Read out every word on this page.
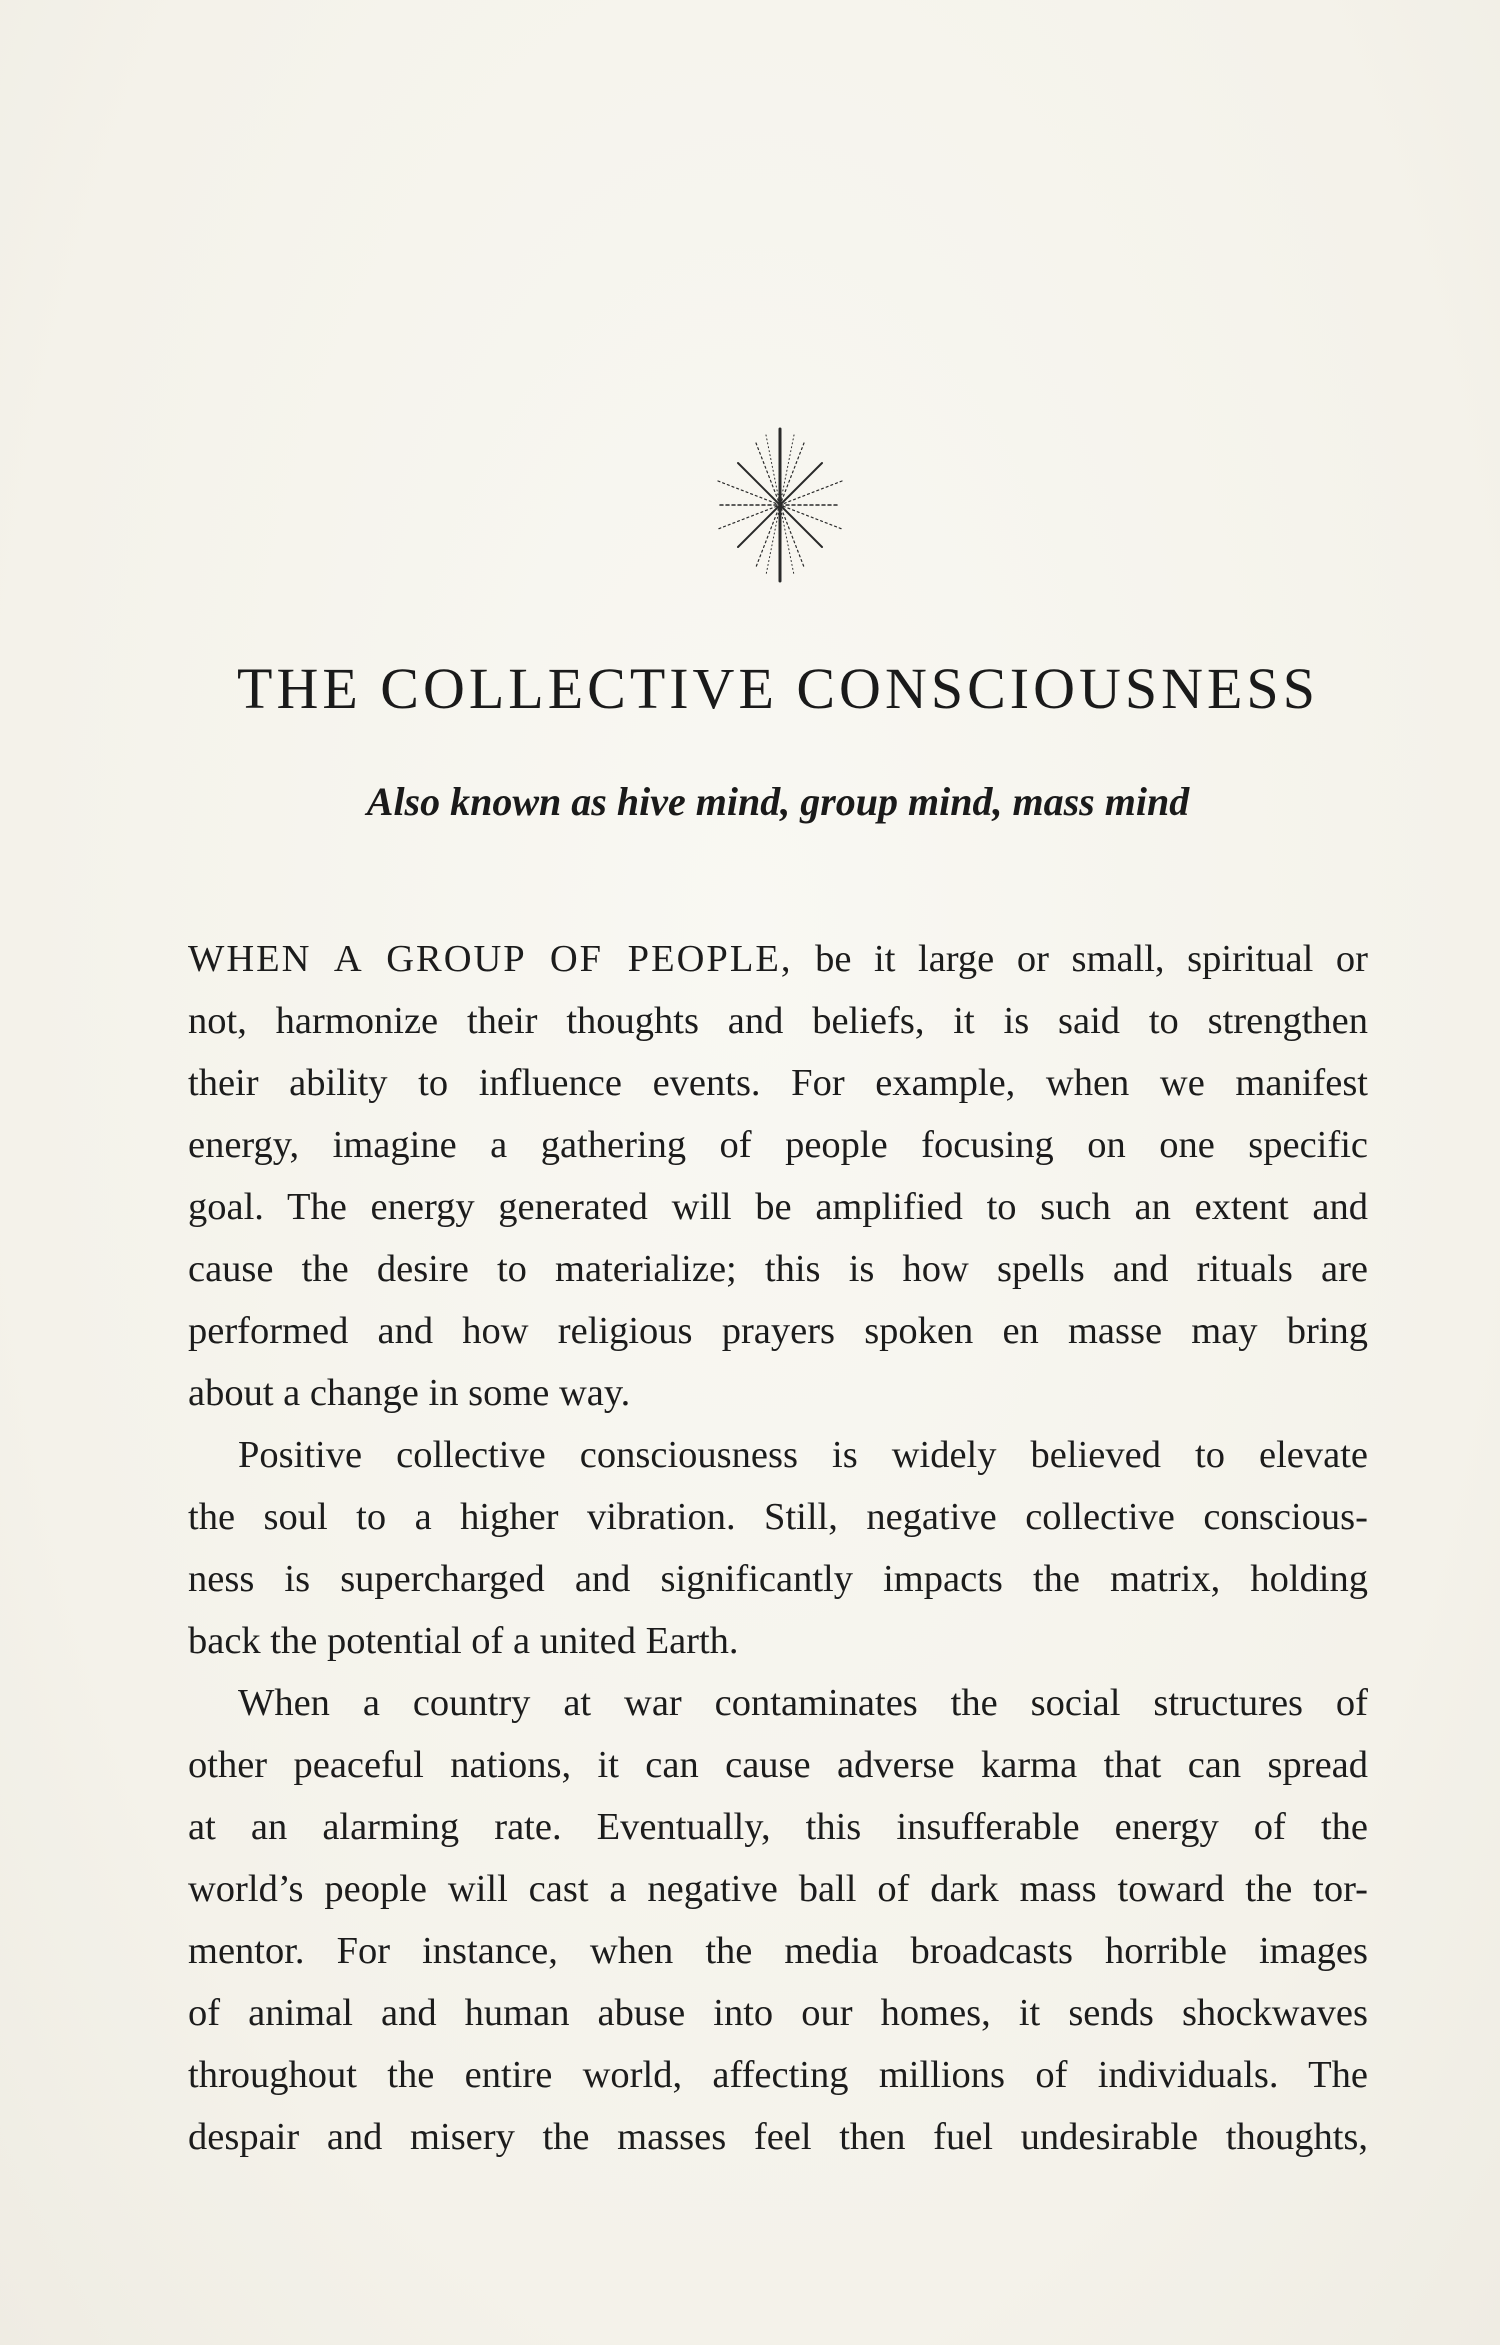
THE COLLECTIVE CONSCIOUSNESS
Also known as hive mind, group mind, mass mind
WHEN A GROUP OF PEOPLE, be it large or small, spiritual or
not, harmonize their thoughts and beliefs, it is said to strengthen
their ability to influence events. For example, when we manifest
energy, imagine a gathering of people focusing on one specific
goal. The energy generated will be amplified to such an extent and
cause the desire to materialize; this is how spells and rituals are
performed and how religious prayers spoken en masse may bring
about a change in some way.
Positive collective consciousness is widely believed to elevate
the soul to a higher vibration. Still, negative collective conscious-
ness is supercharged and significantly impacts the matrix, holding
back the potential of a united Earth.
When a country at war contaminates the social structures of
other peaceful nations, it can cause adverse karma that can spread
at an alarming rate. Eventually, this insufferable energy of the
world’s people will cast a negative ball of dark mass toward the tor-
mentor. For instance, when the media broadcasts horrible images
of animal and human abuse into our homes, it sends shockwaves
throughout the entire world, affecting millions of individuals. The
despair and misery the masses feel then fuel undesirable thoughts,
